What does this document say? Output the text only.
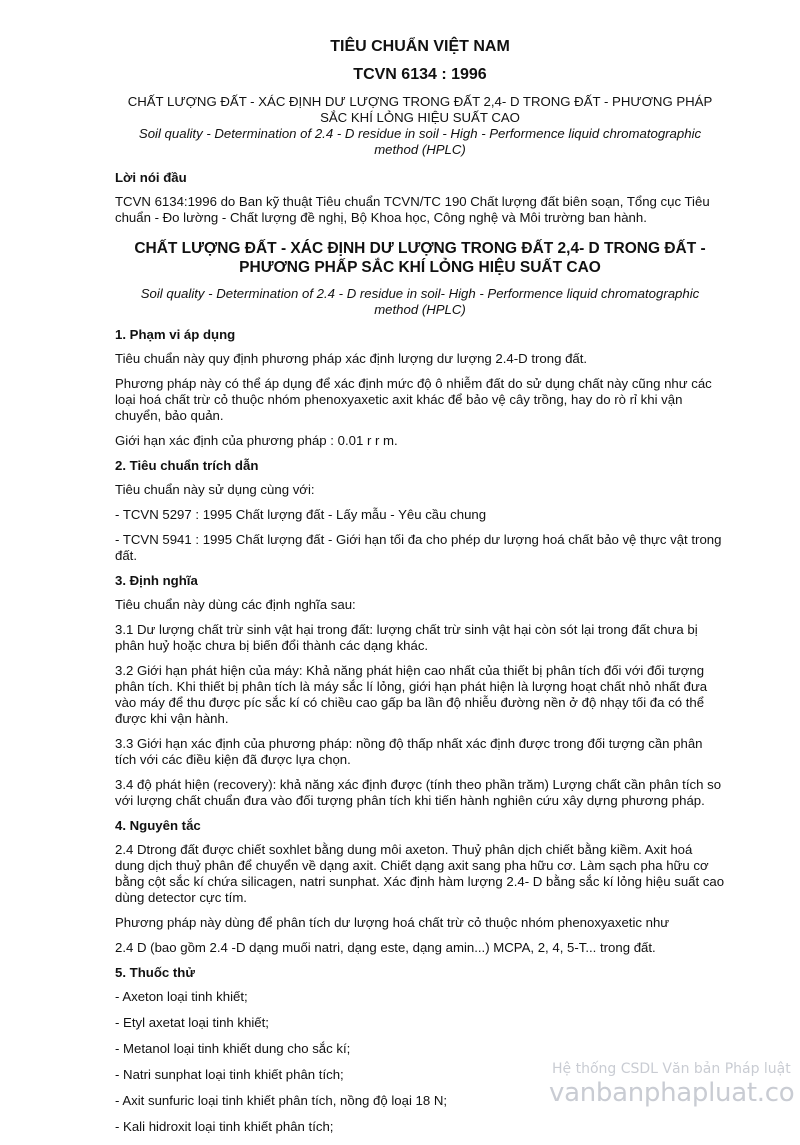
TIÊU CHUẨN VIỆT NAM
TCVN 6134 : 1996
CHẤT LƯỢNG ĐẤT - XÁC ĐỊNH DƯ LƯỢNG TRONG ĐẤT 2,4- D TRONG ĐẤT - PHƯƠNG PHÁP
SẮC KHÍ LỎNG HIỆU SUẤT CAO
Soil quality - Determination of 2.4 - D residue in soil - High - Performence liquid chromatographic
method (HPLC)
Lời nói đầu

TCVN 6134:1996 do Ban kỹ thuật Tiêu chuẩn TCVN/TC 190 Chất lượng đất biên soạn, Tổng cục Tiêu chuẩn - Đo lường - Chất lượng đề nghị, Bộ Khoa học, Công nghệ và Môi trường ban hành.

CHẤT LƯỢNG ĐẤT - XÁC ĐỊNH DƯ LƯỢNG TRONG ĐẤT 2,4- D TRONG ĐẤT -
PHƯƠNG PHẤP SẮC KHÍ LỎNG HIỆU SUẤT CAO
Soil quality - Determination of 2.4 - D residue in soil- High - Performence liquid chromatographic
method (HPLC)
1. Phạm vi áp dụng

Tiêu chuẩn này quy định phương pháp xác định lượng dư lượng 2.4-D trong đất.

Phương pháp này có thể áp dụng để xác định mức độ ô nhiễm đất do sử dụng chất này cũng như các loại hoá chất trừ cỏ thuộc nhóm phenoxyaxetic axit khác để bảo vệ cây trồng, hay do rò rỉ khi vận chuyển, bảo quản.

Giới hạn xác định của phương pháp : 0.01 r r m.

2. Tiêu chuẩn trích dẫn

Tiêu chuẩn này sử dụng cùng với:

- TCVN 5297 : 1995 Chất lượng đất - Lấy mẫu - Yêu cầu chung

- TCVN 5941 : 1995 Chất lượng đất - Giới hạn tối đa cho phép dư lượng hoá chất bảo vệ thực vật trong đất.

3. Định nghĩa

Tiêu chuẩn này dùng các định nghĩa sau:

3.1 Dư lượng chất trừ sinh vật hại trong đất: lượng chất trừ sinh vật hại còn sót lại trong đất chưa bị phân huỷ hoặc chưa bị biến đổi thành các dạng khác.

3.2 Giới hạn phát hiện của máy: Khả năng phát hiện cao nhất của thiết bị phân tích đối với đối tượng phân tích. Khi thiết bị phân tích là máy sắc lí lỏng, giới hạn phát hiện là lượng hoạt chất nhỏ nhất đưa vào máy để thu được píc sắc kí có chiều cao gấp ba lần độ nhiễu đường nền ở độ nhạy tối đa có thể được khi vận hành.

3.3 Giới hạn xác định của phương pháp: nồng độ thấp nhất xác định được trong đối tượng cần phân tích với các điều kiện đã được lựa chọn.

3.4 độ phát hiện (recovery): khả năng xác định được (tính theo phần trăm) Lượng chất cần phân tích so với lượng chất chuẩn đưa vào đối tượng phân tích khi tiến hành nghiên cứu xây dựng phương pháp.

4. Nguyên tắc

2.4 Dtrong đất được chiết soxhlet bằng dung môi axeton. Thuỷ phân dịch chiết bằng kiềm. Axit hoá dung dịch thuỷ phân để chuyển về dạng axit. Chiết dạng axit sang pha hữu cơ. Làm sạch pha hữu cơ bằng cột sắc kí chứa silicagen, natri sunphat. Xác định hàm lượng 2.4- D bằng sắc kí lỏng hiệu suất cao dùng detector cực tím.

Phương pháp này dùng để phân tích dư lượng hoá chất trừ cỏ thuộc nhóm phenoxyaxetic như

2.4 D (bao gồm 2.4 -D dạng muối natri, dạng este, dạng amin...) MCPA, 2, 4, 5-T... trong đất.

5. Thuốc thử
- Axeton loại tinh khiết;
- Etyl axetat loại tinh khiết;
- Metanol loại tinh khiết dung cho sắc kí;
- Natri sunphat loại tinh khiết phân tích;
- Axit sunfuric loại tinh khiết phân tích, nồng độ loại 18 N;
- Kali hidroxit loại tinh khiết phân tích;
Hệ thống CSDL Văn bản Pháp luật
vanbanphapluat.co
